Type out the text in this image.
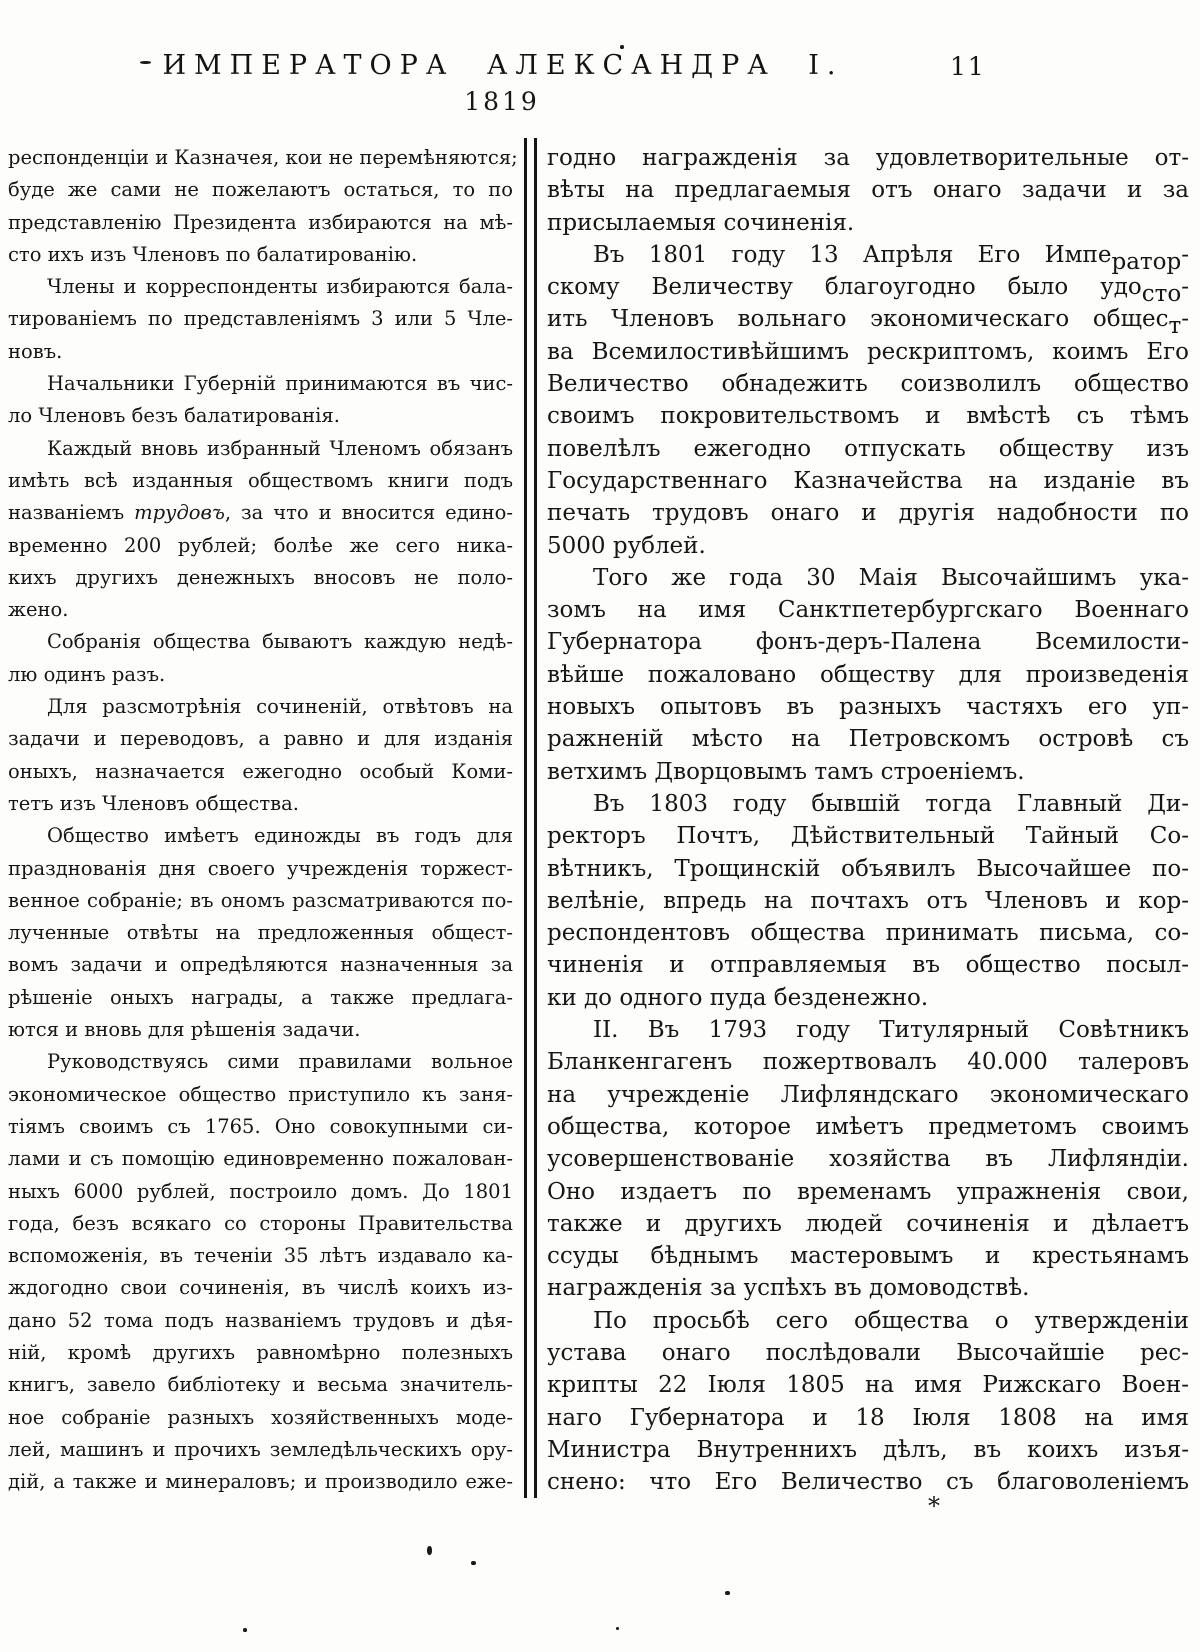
ИМПЕРАТОРА АЛЕКСАНДРА I.	11
1819
респонденціи и Казначея, кои не перемѣняются;
буде же сами не пожелаютъ остаться, то по
представленію Президента избираются на мѣ-
сто ихъ изъ Членовъ по балатированію.
Члены и корреспонденты избираются бала-
тированіемъ по представленіямъ 3 или 5 Чле-
новъ.
Начальники Губерній принимаются въ чис-
ло Членовъ безъ балатированія.
Каждый вновь избранный Членомъ обязанъ
имѣть всѣ изданныя обществомъ книги подъ
названіемъ трудовъ, за что и вносится едино-
временно 200 рублей; болѣе же сего ника-
кихъ другихъ денежныхъ вносовъ не поло-
жено.
Собранія общества бываютъ каждую недѣ-
лю одинъ разъ.
Для разсмотрѣнія сочиненій, отвѣтовъ на
задачи и переводовъ, а равно и для изданія
оныхъ, назначается ежегодно особый Коми-
тетъ изъ Членовъ общества.
Общество имѣетъ единожды въ годъ для
празднованія дня своего учрежденія торжест-
венное собраніе; въ ономъ разсматриваются по-
лученные отвѣты на предложенныя общест-
вомъ задачи и опредѣляются назначенныя за
рѣшеніе оныхъ награды, а также предлага-
ются и вновь для рѣшенія задачи.
Руководствуясь сими правилами вольное
экономическое общество приступило къ заня-
тіямъ своимъ съ 1765. Оно совокупными си-
лами и съ помощію единовременно пожалован-
ныхъ 6000 рублей, построило домъ. До 1801
года, безъ всякаго со стороны Правительства
вспоможенія, въ теченіи 35 лѣтъ издавало ка-
ждогодно свои сочиненія, въ числѣ коихъ из-
дано 52 тома подъ названіемъ трудовъ и дѣя-
ній, кромѣ другихъ равномѣрно полезныхъ
книгъ, завело библіотеку и весьма значитель-
ное собраніе разныхъ хозяйственныхъ моде-
лей, машинъ и прочихъ земледѣльческихъ ору-
дій, а также и минераловъ; и производило еже-
годно награжденія за удовлетворительные от-
вѣты на предлагаемыя отъ онаго задачи и за
присылаемыя сочиненія.
Въ 1801 году 13 Апрѣля Его Император-
скому Величеству благоугодно было удосто-
ить Членовъ вольнаго экономическаго общест-
ва Всемилостивѣйшимъ рескриптомъ, коимъ Его
Величество обнадежить соизволилъ общество
своимъ покровительствомъ и вмѣстѣ съ тѣмъ
повелѣлъ ежегодно отпускать обществу изъ
Государственнаго Казначейства на изданіе въ
печать трудовъ онаго и другія надобности по
5000 рублей.
Того же года 30 Маія Высочайшимъ ука-
зомъ на имя Санктпетербургскаго Военнаго
Губернатора фонъ-деръ-Палена Всемилости-
вѣйше пожаловано обществу для произведенія
новыхъ опытовъ въ разныхъ частяхъ его уп-
ражненій мѣсто на Петровскомъ островѣ съ
ветхимъ Дворцовымъ тамъ строеніемъ.
Въ 1803 году бывшій тогда Главный Ди-
ректоръ Почтъ, Дѣйствительный Тайный Со-
вѣтникъ, Трощинскій объявилъ Высочайшее по-
велѣніе, впредь на почтахъ отъ Членовъ и кор-
респондентовъ общества принимать письма, со-
чиненія и отправляемыя въ общество посыл-
ки до одного пуда безденежно.
II. Въ 1793 году Титулярный Совѣтникъ
Бланкенгагенъ пожертвовалъ 40.000 талеровъ
на учрежденіе Лифляндскаго экономическаго
общества, которое имѣетъ предметомъ своимъ
усовершенствованіе хозяйства въ Лифляндіи.
Оно издаетъ по временамъ упражненія свои,
также и другихъ людей сочиненія и дѣлаетъ
ссуды бѣднымъ мастеровымъ и крестьянамъ
награжденія за успѣхъ въ домоводствѣ.
По просьбѣ сего общества о утвержденіи
устава онаго послѣдовали Высочайшіе рес-
крипты 22 Іюля 1805 на имя Рижскаго Воен-
наго Губернатора и 18 Іюля 1808 на имя
Министра Внутреннихъ дѣлъ, въ коихъ изъя-
снено: что Его Величество съ благоволеніемъ
*
